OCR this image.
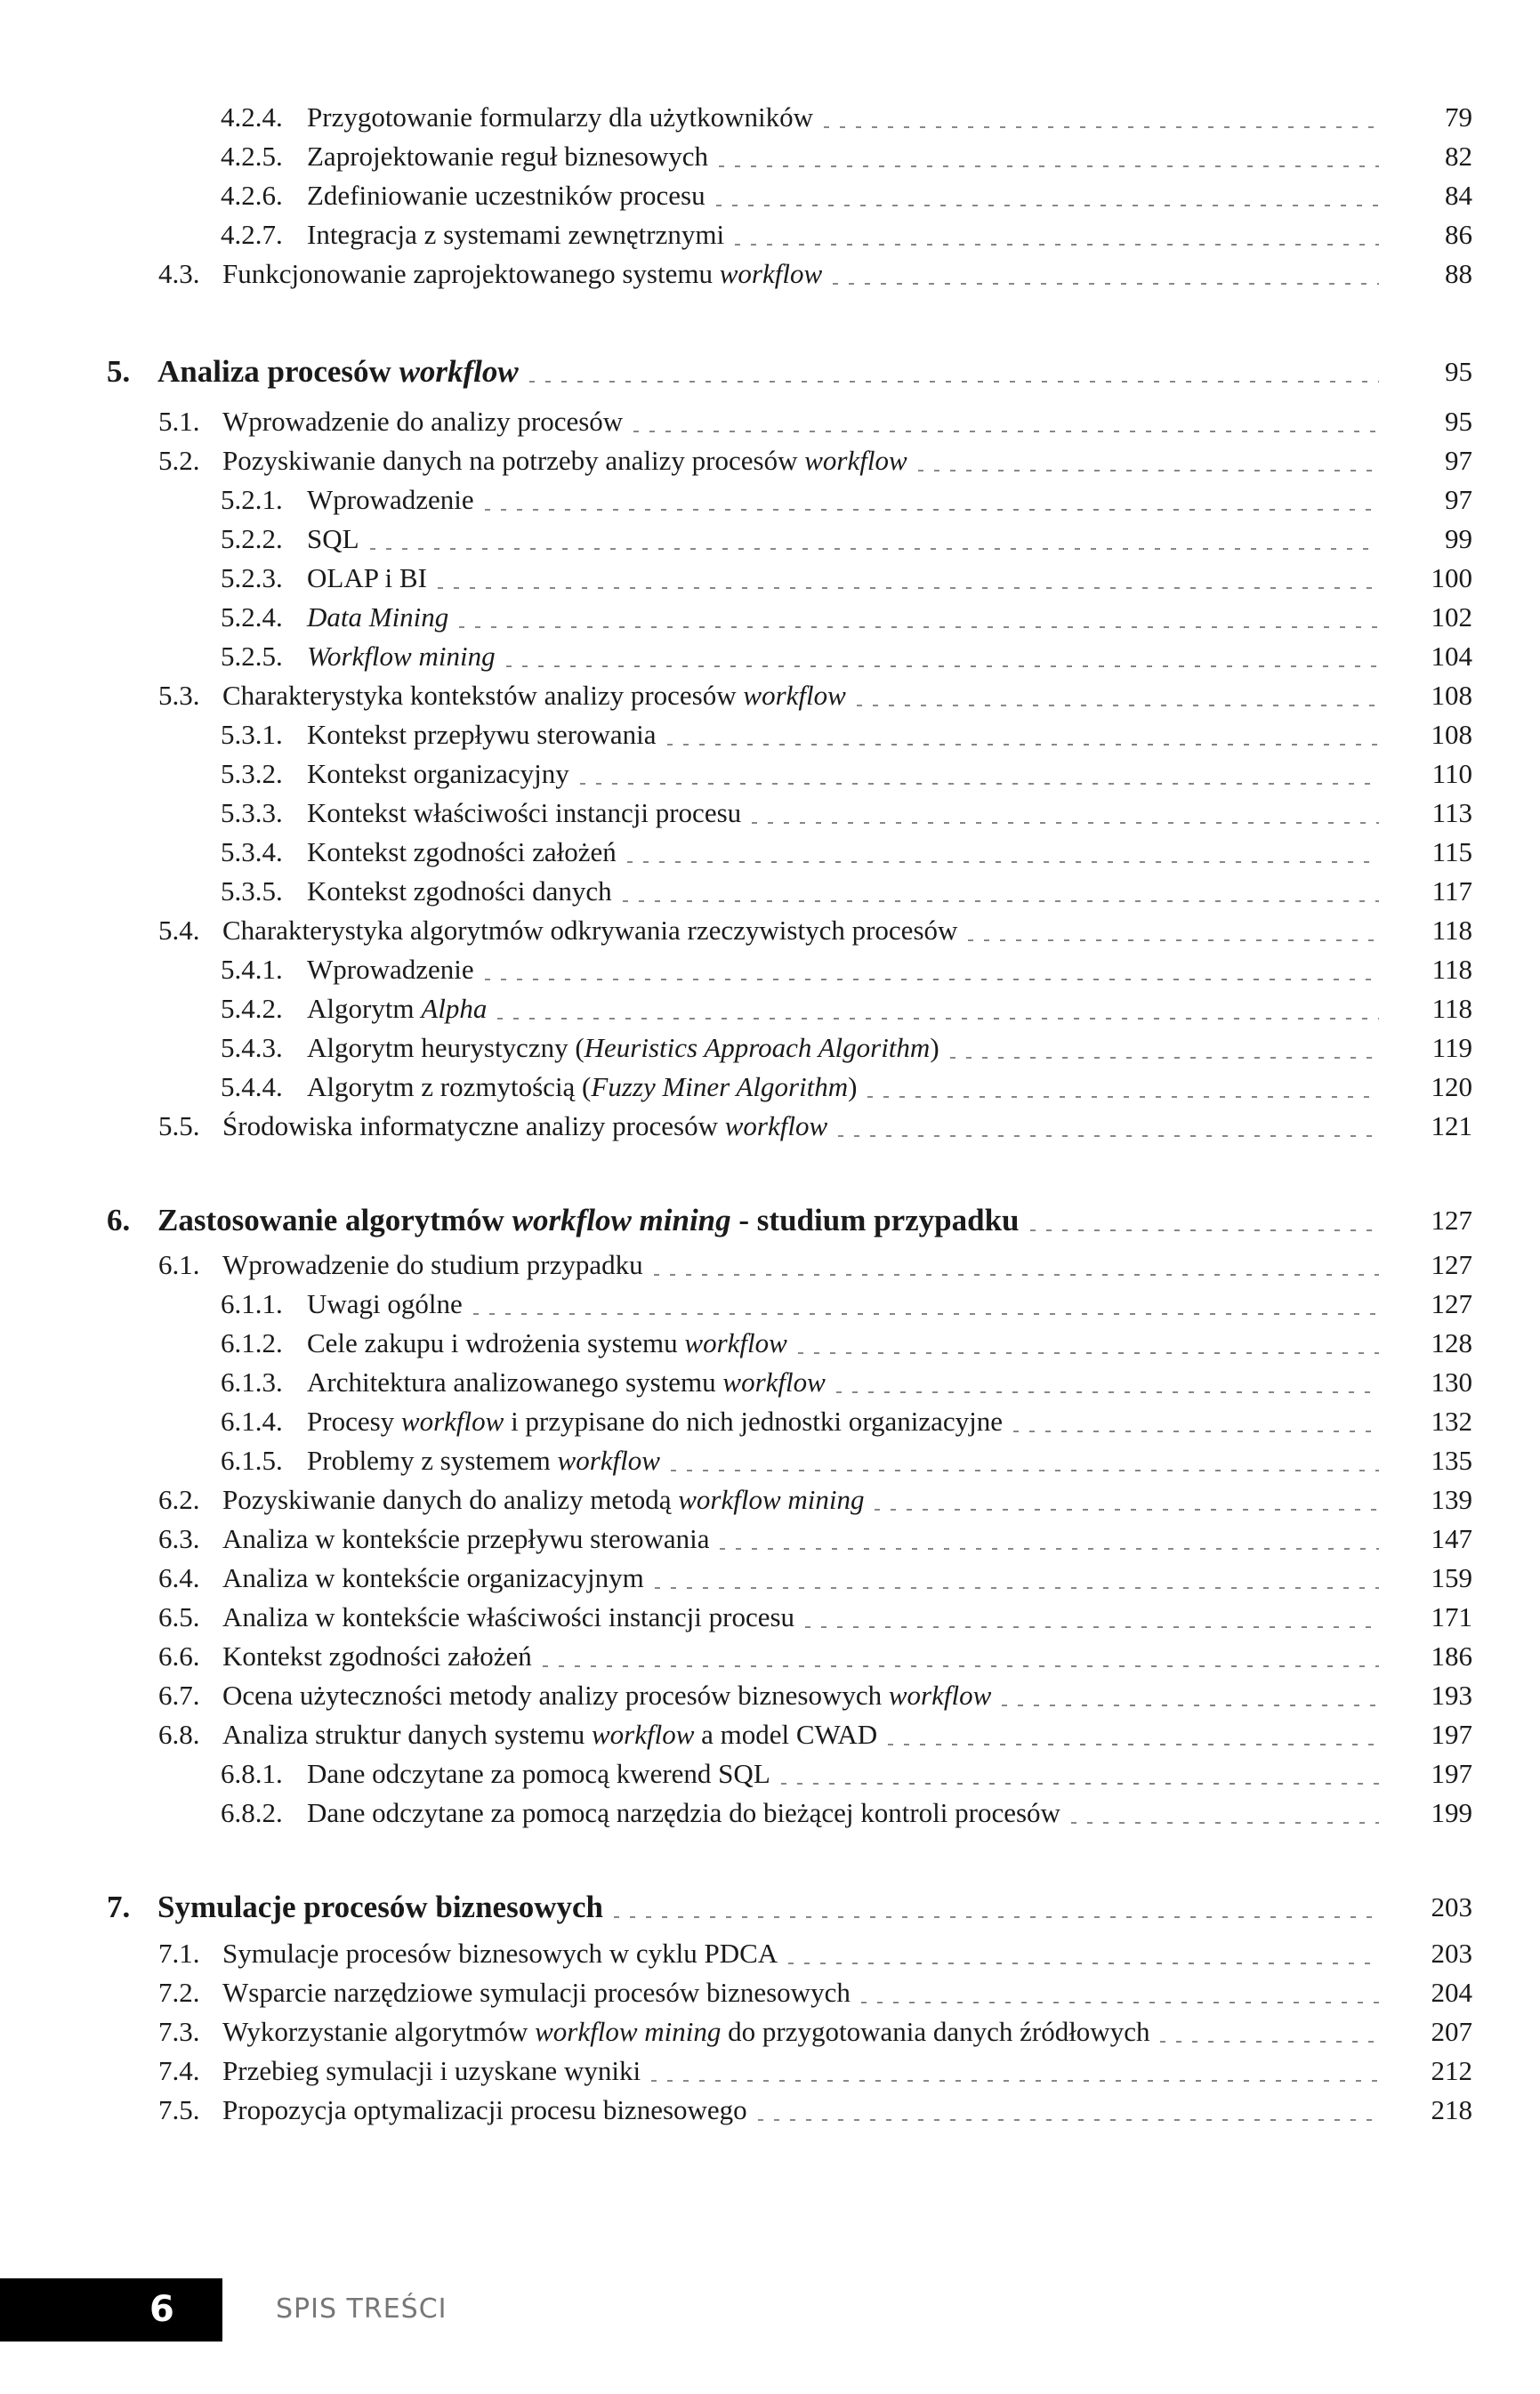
4.2.4. Przygotowanie formularzy dla użytkowników	79
4.2.5. Zaprojektowanie reguł biznesowych	82
4.2.6. Zdefiniowanie uczestników procesu	84
4.2.7. Integracja z systemami zewnętrznymi	86
4.3. Funkcjonowanie zaprojektowanego systemu workflow	88
5. Analiza procesów workflow	95
5.1. Wprowadzenie do analizy procesów	95
5.2. Pozyskiwanie danych na potrzeby analizy procesów workflow	97
5.2.1. Wprowadzenie	97
5.2.2. SQL	99
5.2.3. OLAP i BI	100
5.2.4. Data Mining	102
5.2.5. Workflow mining	104
5.3. Charakterystyka kontekstów analizy procesów workflow	108
5.3.1. Kontekst przepływu sterowania	108
5.3.2. Kontekst organizacyjny	110
5.3.3. Kontekst właściwości instancji procesu	113
5.3.4. Kontekst zgodności założeń	115
5.3.5. Kontekst zgodności danych	117
5.4. Charakterystyka algorytmów odkrywania rzeczywistych procesów	118
5.4.1. Wprowadzenie	118
5.4.2. Algorytm Alpha	118
5.4.3. Algorytm heurystyczny (Heuristics Approach Algorithm)	119
5.4.4. Algorytm z rozmytością (Fuzzy Miner Algorithm)	120
5.5. Środowiska informatyczne analizy procesów workflow	121
6. Zastosowanie algorytmów workflow mining - studium przypadku	127
6.1. Wprowadzenie do studium przypadku	127
6.1.1. Uwagi ogólne	127
6.1.2. Cele zakupu i wdrożenia systemu workflow	128
6.1.3. Architektura analizowanego systemu workflow	130
6.1.4. Procesy workflow i przypisane do nich jednostki organizacyjne	132
6.1.5. Problemy z systemem workflow	135
6.2. Pozyskiwanie danych do analizy metodą workflow mining	139
6.3. Analiza w kontekście przepływu sterowania	147
6.4. Analiza w kontekście organizacyjnym	159
6.5. Analiza w kontekście właściwości instancji procesu	171
6.6. Kontekst zgodności założeń	186
6.7. Ocena użyteczności metody analizy procesów biznesowych workflow	193
6.8. Analiza struktur danych systemu workflow a model CWAD	197
6.8.1. Dane odczytane za pomocą kwerend SQL	197
6.8.2. Dane odczytane za pomocą narzędzia do bieżącej kontroli procesów	199
7. Symulacje procesów biznesowych	203
7.1. Symulacje procesów biznesowych w cyklu PDCA	203
7.2. Wsparcie narzędziowe symulacji procesów biznesowych	204
7.3. Wykorzystanie algorytmów workflow mining do przygotowania danych źródłowych	207
7.4. Przebieg symulacji i uzyskane wyniki	212
7.5. Propozycja optymalizacji procesu biznesowego	218
6	SPIS TREŚCI
